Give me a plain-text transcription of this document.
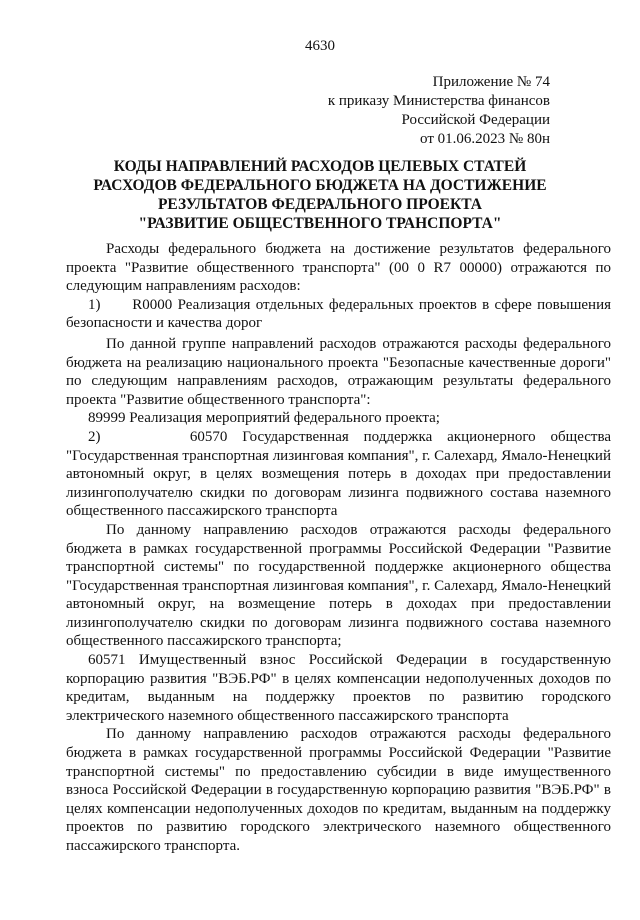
4630
Приложение № 74
к приказу Министерства финансов
Российской Федерации
от 01.06.2023 № 80н
КОДЫ НАПРАВЛЕНИЙ РАСХОДОВ ЦЕЛЕВЫХ СТАТЕЙ
РАСХОДОВ ФЕДЕРАЛЬНОГО БЮДЖЕТА НА ДОСТИЖЕНИЕ
РЕЗУЛЬТАТОВ ФЕДЕРАЛЬНОГО ПРОЕКТА
"РАЗВИТИЕ ОБЩЕСТВЕННОГО ТРАНСПОРТА"

Расходы федерального бюджета на достижение результатов федерального проекта "Развитие общественного транспорта" (00 0 R7 00000) отражаются по следующим направлениям расходов:

1)      R0000 Реализация отдельных федеральных проектов в сфере повышения безопасности и качества дорог

По данной группе направлений расходов отражаются расходы федерального бюджета на реализацию национального проекта "Безопасные качественные дороги" по следующим направлениям расходов, отражающим результаты федерального проекта "Развитие общественного транспорта":

89999 Реализация мероприятий федерального проекта;

2)      60570 Государственная поддержка акционерного общества "Государственная транспортная лизинговая компания", г. Салехард, Ямало-Ненецкий автономный округ, в целях возмещения потерь в доходах при предоставлении лизингополучателю скидки по договорам лизинга подвижного состава наземного общественного пассажирского транспорта

По данному направлению расходов отражаются расходы федерального бюджета в рамках государственной программы Российской Федерации "Развитие транспортной системы" по государственной поддержке акционерного общества "Государственная транспортная лизинговая компания", г. Салехард, Ямало-Ненецкий автономный округ, на возмещение потерь в доходах при предоставлении лизингополучателю скидки по договорам лизинга подвижного состава наземного общественного пассажирского транспорта;

60571 Имущественный взнос Российской Федерации в государственную корпорацию развития "ВЭБ.РФ" в целях компенсации недополученных доходов по кредитам, выданным на поддержку проектов по развитию городского электрического наземного общественного пассажирского транспорта

По данному направлению расходов отражаются расходы федерального бюджета в рамках государственной программы Российской Федерации "Развитие транспортной системы" по предоставлению субсидии в виде имущественного взноса Российской Федерации в государственную корпорацию развития "ВЭБ.РФ" в целях компенсации недополученных доходов по кредитам, выданным на поддержку проектов по развитию городского электрического наземного общественного пассажирского транспорта.
